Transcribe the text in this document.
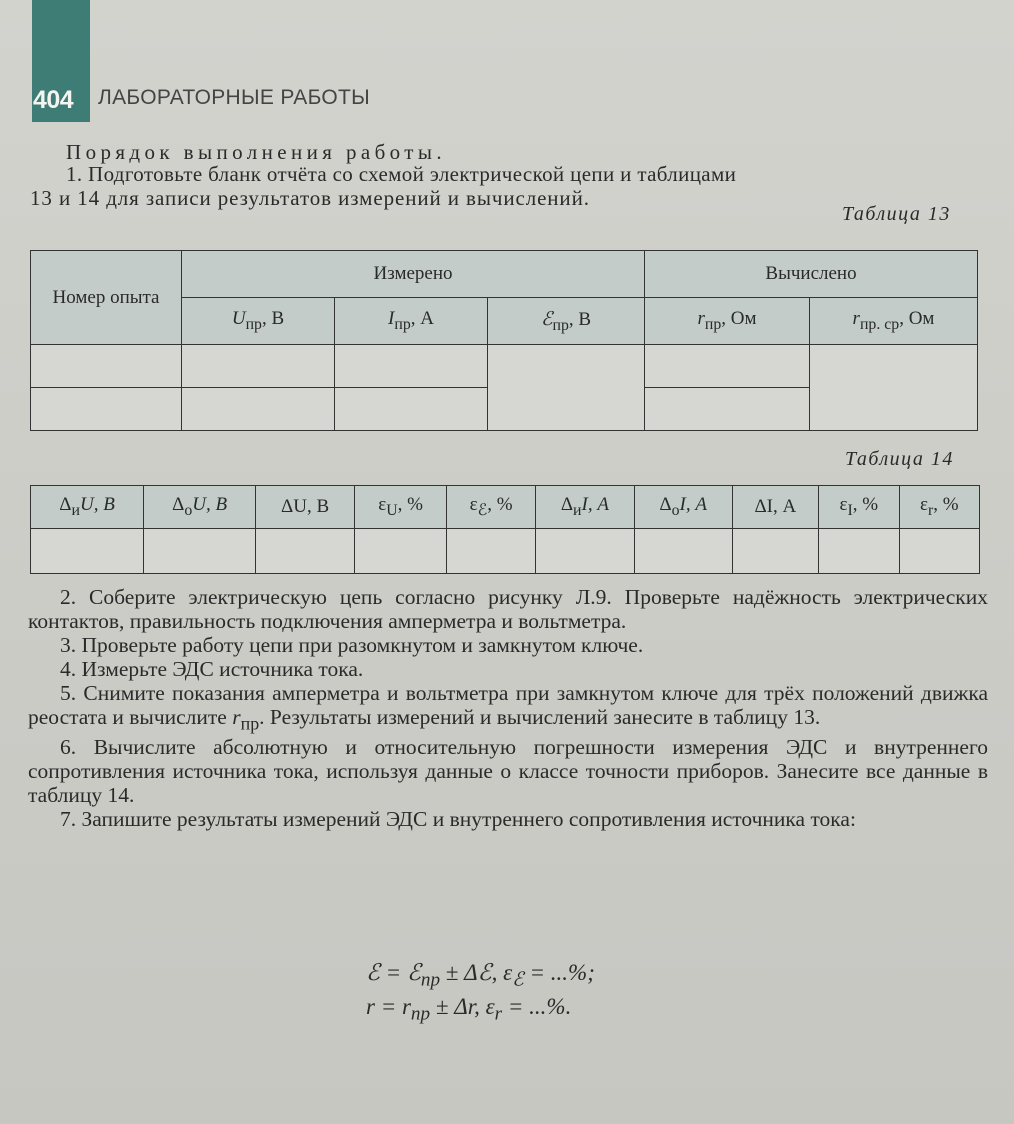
404 ЛАБОРАТОРНЫЕ РАБОТЫ
Порядок выполнения работы.
1. Подготовьте бланк отчёта со схемой электрической цепи и таблицами
13 и 14 для записи результатов измерений и вычислений.
Таблица 13
Номер опыта	Измерено			Вычислено	
	$U_{пр}$, В	$I_{пр}$, А	ℰ$_{пр}$, В	$r_{пр}$, Ом	$r_{пр. ср}$, Ом

Таблица 14
$\Delta_иU$, В	$\Delta_оU$, В	ΔU, В	$\varepsilon_U$, %	$\varepsilon_ℰ$, %	$\Delta_иI$, А	$\Delta_оI$, А	ΔI, А	$\varepsilon_I$, %	$\varepsilon_r$, %

2. Соберите электрическую цепь согласно рисунку Л.9. Проверьте надёжность электрических контактов, правильность подключения амперметра и вольтметра.

3. Проверьте работу цепи при разомкнутом и замкнутом ключе.

4. Измерьте ЭДС источника тока.

5. Снимите показания амперметра и вольтметра при замкнутом ключе для трёх положений движка реостата и вычислите $r_{пр}$. Результаты измерений и вычислений занесите в таблицу 13.

6. Вычислите абсолютную и относительную погрешности измерения ЭДС и внутреннего сопротивления источника тока, используя данные о классе точности приборов. Занесите все данные в таблицу 14.

7. Запишите результаты измерений ЭДС и внутреннего сопротивления источника тока:

ℰ = ℰ$_{пр}$ ± Δℰ, $\varepsilon_ℰ$ = ...%;
$r = r_{пр} \pm \Delta r$, $\varepsilon_r$ = ...%.
